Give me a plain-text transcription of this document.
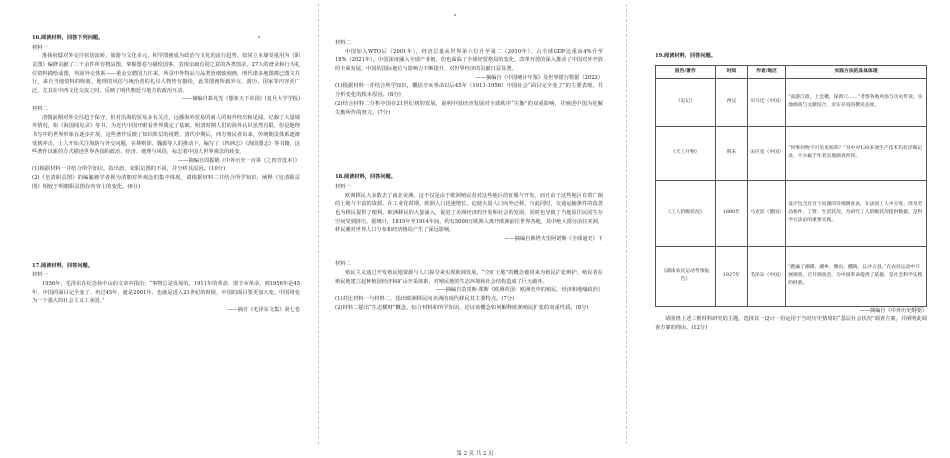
16.阅读材料，回答下列问题。

材料一

淮扬府邸对外交往密切流转，旅游与文化多元，积学图画成为政治与文化的流行趋势。如同立本屡受重用为《职贡图》编修贡献了二千余件所有物品图，掌握图卷与描绘国事，表现亲疏有别之意的各类图录，27人的谱录和行为礼仪资料描绘成图，巩固外交体系——重金交聘国力往来，所贡中外物品与品类皆细致刻画，明代诸多地图都已图文并行，来自当地资料的吸收、地理的风俗与统治者的礼仪人物皆有描绘，此等图画所载外交、游历、国家等内容更广泛，尤其在中西文化交流之时，反映了明代朝廷与地方的政治互动。

——摘编自葛兆光《想象天下帝国》(复旦大学学报)

材料二

清朝前期对外交往趋于保守，但对沿海的贸易多有关注，远播海外贸易的商人的海外经历和见闻，记载了大量域外情况，如《海国闻见录》等书，为近代中国开眼看世界奠定了基础。明清时期人们的海外认识虽然有限，但是地理书写中的世界形象在逐步扩展，这些著作反映了知识阶层的视野。清代中期后，西方殖民者东来，传统朝贡体系逐渐受到冲击，士人开始关注海防与外交问题，在林则徐、魏源等人的推动下，编写了《四洲志》《海国图志》等书籍，这些著作以新的方式描述世界各国的政治、经济、地理与风俗，标志着中国人世界观念的转变。

——摘编自周振鹤《中外历史一百讲（之四节选本）》

(1)根据材料一并结合所学知识，指出唐、宋职贡图的不同，并分析其原因。(10分)

(2)《皇清职贡图》的编纂被学者视为清朝对外观念的集中体现，请根据材料二并结合所学知识，阐释《皇清职贡图》相较于明朝职贡图在内容上的变化。(6分)

17.阅读材料，回答问题。

材料一

1956年，毛泽东在纪念孙中山的文章中指出：“事物总是发展的。1911年的革命，即辛亥革命，到1956年是45年，中国的面目完全变了。再过45年，就是2001年，也就是进入21世纪的时候，中国的面目要更加大变。中国将变为一个强大的社会主义工业国。”

——摘自《毛泽东文集》第七卷

材料二

中国加入WTO后（2001年），经济总量从世界第六位升至第二（2010年），占全球GDP比重由4%升至18%（2021年）。中国深度融入全球产业链，但也面临了全球经贸格局的变化。改革开放的深入推动了中国对外开放的全面发展，中国的国际地位与影响力不断提升，对世界经济的贡献日益显著。

——摘编自《中国统计年鉴》及世界银行数据（2022）

(1)根据材料一并结合所学知识，概括辛亥革命以后45年（1911-1956）中国社会“面目完全变了”的主要表现，并分析变化的根本原因。(8分)

(2)结合材料二分析中国在21世纪初的发展，说明中国经济发展对全球秩序“失衡”的双重影响，并阐述中国为化解失衡所作的努力。(7分)

18.阅读材料，回答问题。

材料一

欧洲移民大多数去了南北美洲。这不仅是由于欧洲殖民者对这些地区的征服与开发，而且由于这些地区有着广阔的土地与丰富的资源。在工业化时期，欧洲人口迅速增长，迫使大量人口向外迁移。与此同时，交通运输条件的改善也为移民提供了便利。欧洲移民的大量涌入，促进了美洲经济的开发和社会的发展，同时也导致了当地原住民的生存空间受到挤压。据统计，1815年至1914年间，约有5000万欧洲人离开欧洲前往世界各地，其中绝大部分前往美洲，移民潮对世界人口分布和经济格局产生了深远影响。

——摘编自斯塔夫里阿诺斯《全球通史》下

材料二

殖民主义通过开发殖民地资源与人口掠夺来实现欧洲发展，“空旷土地”的概念被用来为殖民扩张辩护。殖民者在殖民地建立起种植园经济和矿山开采体系，对殖民地的生态环境和社会结构造成了巨大破坏。

——摘编自莫里斯·郑斯《欧洲帝国：欧洲史中的殖民、经济和地缘政治》

(1)对比材料一与材料二，指出欧洲移民向美洲的现代移民其主要特点。(7分)

(2)材料二提出“生态横财”概念，综合材料和所学知识，论证该概念如何解释欧洲殖民扩张的双重性质。(8分)

19.阅读材料，回答问题。

报告/著作	时间	作者/地区	实践方法的具体体现
《史记》	西汉	司马迁（中国）	“南游江淮，上会稽，探禹穴……”考察各地风俗与历史传说，实地调查与文献结合，求实存真的撰史态度。
《天工开物》	明末	宋应星（中国）	“何事何物不可见见闻哉？”书中对130多项生产技术均有详细记录，不少属于作者实地调查所得。
《工人阶级状况》	1880年	马克思（德国）	设计包含近百个问题的详细调查表，在法国工人中分发，涉及劳动条件、工资、生活状况，为研究工人阶级状况提供数据，是科学方法论的重要实践。
《湖南农民运动考察报告》	1927年	毛泽东（中国）	“跑遍了湘潭、湘乡、衡山、醴陵、长沙五县。”在农民运动中开展调查，召开调查会，为中国革命提供了依据，是社会科学实践的经典。

——摘编自《中外历史纲要》

请围绕上述三则材料研究的主题，选择其一设计一份运用于当时历史情境的“基层社会状况”调查方案，并阐明此调查方案的理由。(12分)

第 2 页 共 2 页
